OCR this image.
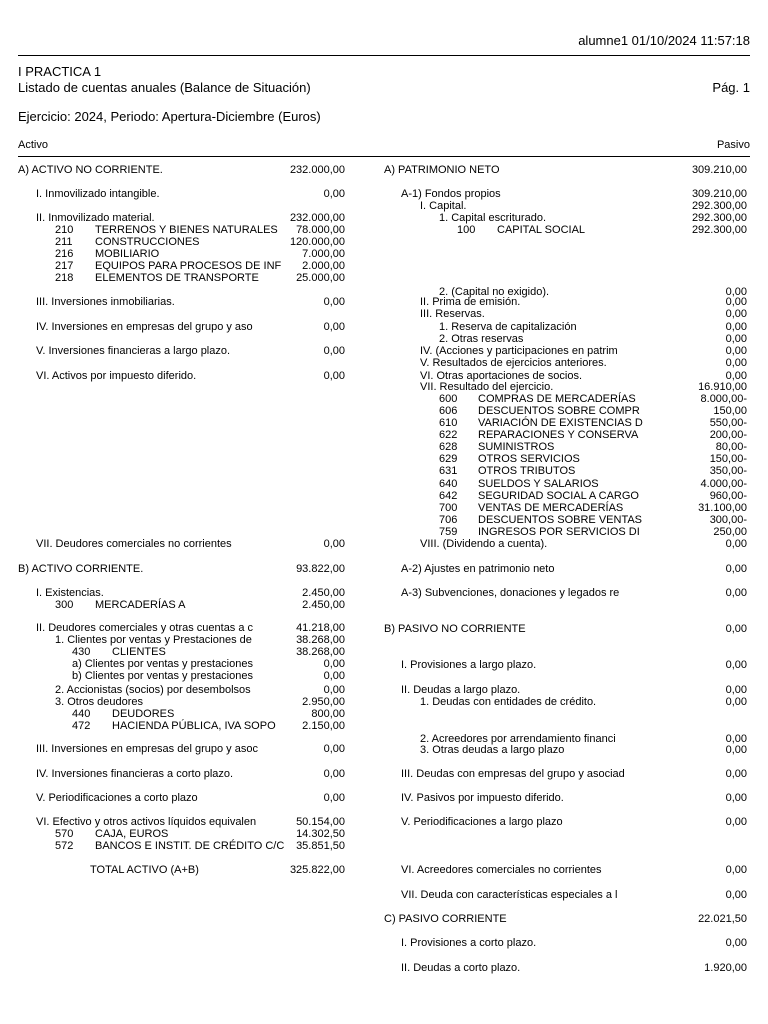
alumne1 01/10/2024 11:57:18
I PRACTICA 1
Listado de cuentas anuales (Balance de Situación)	Pág. 1
Ejercicio: 2024, Periodo: Apertura-Diciembre (Euros)
Activo	Pasivo
A) ACTIVO NO CORRIENTE.	232.000,00
I. Inmovilizado intangible.	0,00
II. Inmovilizado material.	232.000,00
210 TERRENOS Y BIENES NATURALES	78.000,00
211 CONSTRUCCIONES	120.000,00
216 MOBILIARIO	7.000,00
217 EQUIPOS PARA PROCESOS DE INF	2.000,00
218 ELEMENTOS DE TRANSPORTE	25.000,00
III. Inversiones inmobiliarias.	0,00
IV. Inversiones en empresas del grupo y aso	0,00
V. Inversiones financieras a largo plazo.	0,00
VI. Activos por impuesto diferido.	0,00
VII. Deudores comerciales no corrientes	0,00
B) ACTIVO CORRIENTE.	93.822,00
I. Existencias.	2.450,00
300 MERCADERÍAS A	2.450,00
II. Deudores comerciales y otras cuentas a c	41.218,00
1. Clientes por ventas y Prestaciones de	38.268,00
430 CLIENTES	38.268,00
a) Clientes por ventas y prestaciones	0,00
b) Clientes por ventas y prestaciones	0,00
2. Accionistas (socios) por desembolsos	0,00
3. Otros deudores	2.950,00
440 DEUDORES	800,00
472 HACIENDA PÚBLICA, IVA SOPO	2.150,00
III. Inversiones en empresas del grupo y asoc	0,00
IV. Inversiones financieras a corto plazo.	0,00
V. Periodificaciones a corto plazo	0,00
VI. Efectivo y otros activos líquidos equivalen	50.154,00
570 CAJA, EUROS	14.302,50
572 BANCOS E INSTIT. DE CRÉDITO C/C	35.851,50
TOTAL ACTIVO (A+B)	325.822,00
A) PATRIMONIO NETO	309.210,00
A-1) Fondos propios	309.210,00
I. Capital.	292.300,00
1. Capital escriturado.	292.300,00
100 CAPITAL SOCIAL	292.300,00
2. (Capital no exigido).	0,00
II. Prima de emisión.	0,00
III. Reservas.	0,00
1. Reserva de capitalización	0,00
2. Otras reservas	0,00
IV. (Acciones y participaciones en patrim	0,00
V. Resultados de ejercicios anteriores.	0,00
VI. Otras aportaciones de socios.	0,00
VII. Resultado del ejercicio.	16.910,00
600 COMPRAS DE MERCADERÍAS	8.000,00-
606 DESCUENTOS SOBRE COMPR	150,00
610 VARIACIÓN DE EXISTENCIAS D	550,00-
622 REPARACIONES Y CONSERVA	200,00-
628 SUMINISTROS	80,00-
629 OTROS SERVICIOS	150,00-
631 OTROS TRIBUTOS	350,00-
640 SUELDOS Y SALARIOS	4.000,00-
642 SEGURIDAD SOCIAL A CARGO	960,00-
700 VENTAS DE MERCADERÍAS	31.100,00
706 DESCUENTOS SOBRE VENTAS	300,00-
759 INGRESOS POR SERVICIOS DI	250,00
VIII. (Dividendo a cuenta).	0,00
A-2) Ajustes en patrimonio neto	0,00
A-3) Subvenciones, donaciones y legados re	0,00
B) PASIVO NO CORRIENTE	0,00
I. Provisiones a largo plazo.	0,00
II. Deudas a largo plazo.	0,00
1. Deudas con entidades de crédito.	0,00
2. Acreedores por arrendamiento financi	0,00
3. Otras deudas a largo plazo	0,00
III. Deudas con empresas del grupo y asociad	0,00
IV. Pasivos por impuesto diferido.	0,00
V. Periodificaciones a largo plazo	0,00
VI. Acreedores comerciales no corrientes	0,00
VII. Deuda con características especiales a l	0,00
C) PASIVO CORRIENTE	22.021,50
I. Provisiones a corto plazo.	0,00
II. Deudas a corto plazo.	1.920,00
